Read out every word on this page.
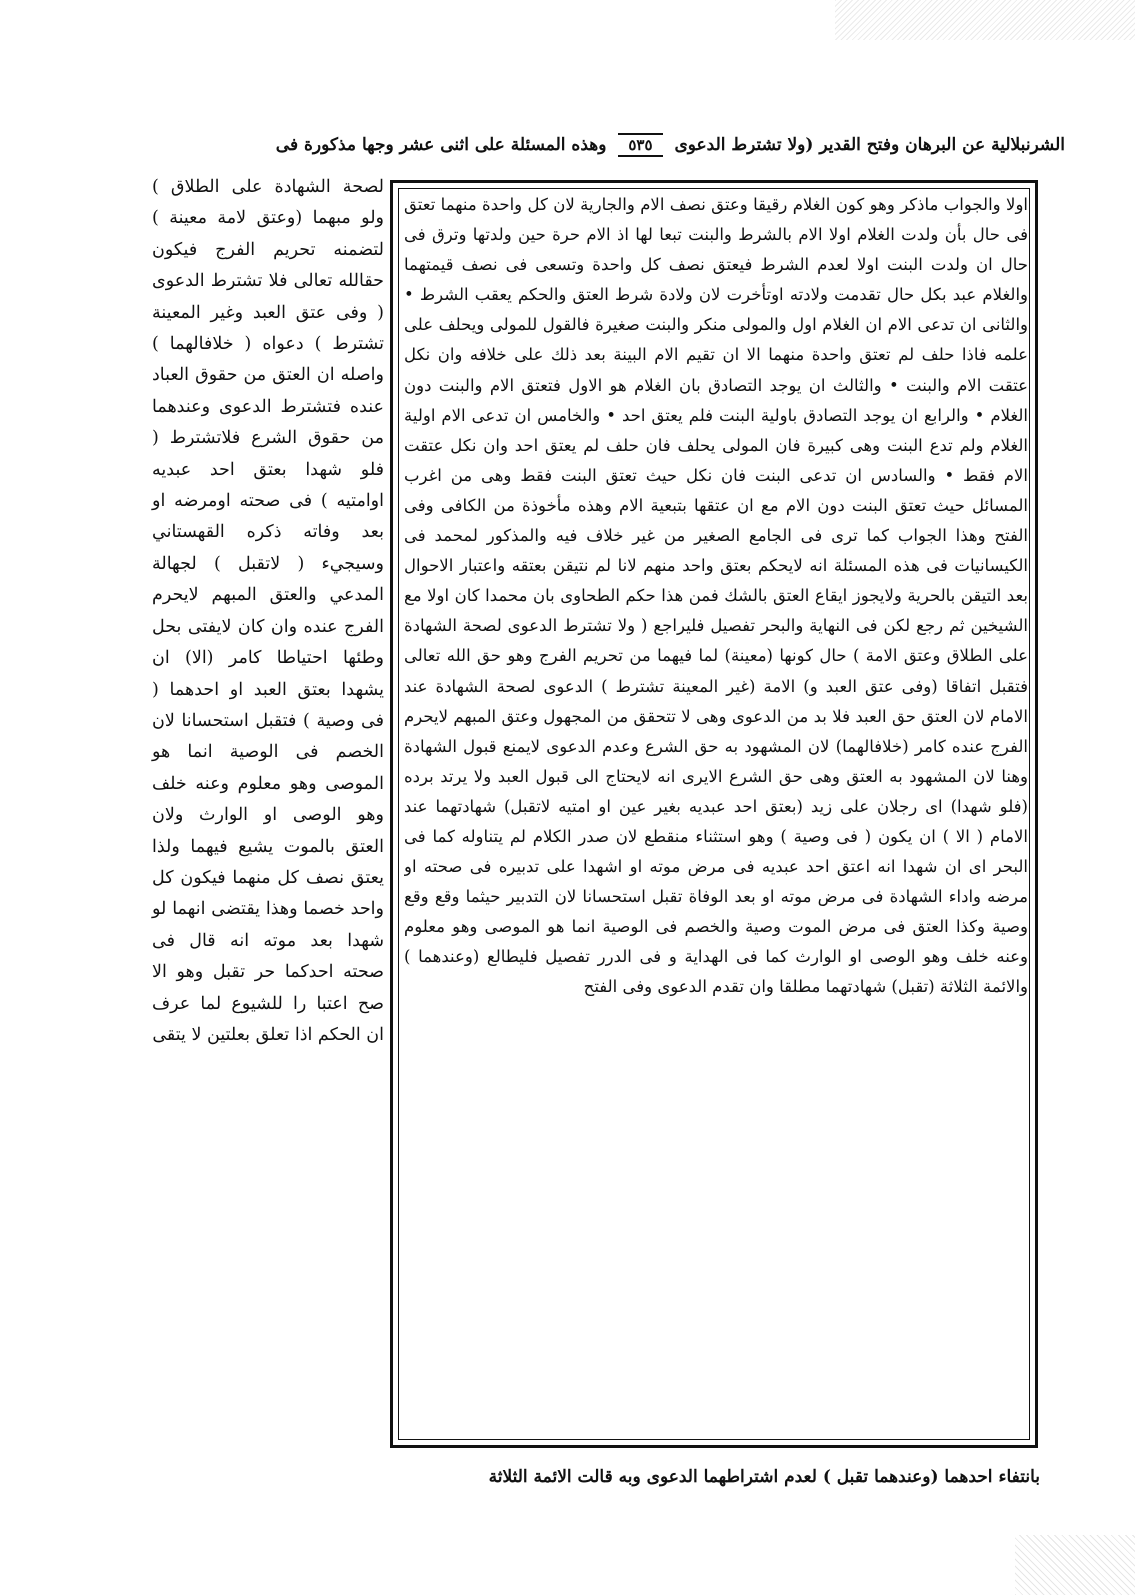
الشرنبلالية عن البرهان وفتح القدير (ولا تشترط الدعوى ٥٣٥ وهذه المسئلة على اثنى عشر وجها مذكورة فى

لصحة الشهادة على الطلاق ) ولو مبهما (وعتق لامة معينة ) لتضمنه تحريم الفرج فيكون حقالله تعالى فلا تشترط الدعوى ( وفى عتق العبد وغير المعينة تشترط ) دعواه ( خلافالهما ) واصله ان العتق من حقوق العباد عنده فتشترط الدعوى وعندهما من حقوق الشرع فلاتشترط ( فلو شهدا بعتق احد عبديه اوامتيه ) فى صحته اومرضه او بعد وفاته ذكره القهستاني وسيجيء ( لاتقبل ) لجهالة المدعي والعتق المبهم لايحرم الفرج عنده وان كان لايفتى بحل وطئها احتياطا كامر (الا) ان يشهدا بعتق العبد او احدهما ( فى وصية ) فتقبل استحسانا لان الخصم فى الوصية انما هو الموصى وهو معلوم وعنه خلف وهو الوصى او الوارث ولان العتق بالموت يشيع فيهما ولذا يعتق نصف كل منهما فيكون كل واحد خصما وهذا يقتضى انهما لو شهدا بعد موته انه قال فى صحته احدكما حر تقبل وهو الا صح اعتبا را للشيوع لما عرف ان الحكم اذا تعلق بعلتين لا يتقى

اولا والجواب ماذكر وهو كون الغلام رقيقا وعتق نصف الام والجارية لان كل واحدة منهما تعتق فى حال بأن ولدت الغلام اولا الام بالشرط والبنت تبعا لها اذ الام حرة حين ولدتها وترق فى حال ان ولدت البنت اولا لعدم الشرط فيعتق نصف كل واحدة وتسعى فى نصف قيمتهما والغلام عبد بكل حال تقدمت ولادته اوتأخرت لان ولادة شرط العتق والحكم يعقب الشرط • والثانى ان تدعى الام ان الغلام اول والمولى منكر والبنت صغيرة فالقول للمولى ويحلف على علمه فاذا حلف لم تعتق واحدة منهما الا ان تقيم الام البينة بعد ذلك على خلافه وان نكل عتقت الام والبنت • والثالث ان يوجد التصادق بان الغلام هو الاول فتعتق الام والبنت دون الغلام • والرابع ان يوجد التصادق باولية البنت فلم يعتق احد • والخامس ان تدعى الام اولية الغلام ولم تدع البنت وهى كبيرة فان المولى يحلف فان حلف لم يعتق احد وان نكل عتقت الام فقط • والسادس ان تدعى البنت فان نكل حيث تعتق البنت فقط وهى من اغرب المسائل حيث تعتق البنت دون الام مع ان عتقها بتبعية الام وهذه مأخوذة من الكافى وفى الفتح وهذا الجواب كما ترى فى الجامع الصغير من غير خلاف فيه والمذكور لمحمد فى الكيسانيات فى هذه المسئلة انه لايحكم بعتق واحد منهم لانا لم نتيقن بعتقه واعتبار الاحوال بعد التيقن بالحرية ولايجوز ايقاع العتق بالشك فمن هذا حكم الطحاوى بان محمدا كان اولا مع الشيخين ثم رجع لكن فى النهاية والبحر تفصيل فليراجع ( ولا تشترط الدعوى لصحة الشهادة على الطلاق وعتق الامة ) حال كونها (معينة) لما فيهما من تحريم الفرج وهو حق الله تعالى فتقبل اتفاقا (وفى عتق العبد و) الامة (غير المعينة تشترط ) الدعوى لصحة الشهادة عند الامام لان العتق حق العبد فلا بد من الدعوى وهى لا تتحقق من المجهول وعتق المبهم لايحرم الفرج عنده كامر (خلافالهما) لان المشهود به حق الشرع وعدم الدعوى لايمنع قبول الشهادة وهنا لان المشهود به العتق وهى حق الشرع الايرى انه لايحتاج الى قبول العبد ولا يرتد برده (فلو شهدا) اى رجلان على زيد (بعتق احد عبديه بغير عين او امتيه لاتقبل) شهادتهما عند الامام ( الا ) ان يكون ( فى وصية ) وهو استثناء منقطع لان صدر الكلام لم يتناوله كما فى البحر اى ان شهدا انه اعتق احد عبديه فى مرض موته او اشهدا على تدبيره فى صحته او مرضه واداء الشهادة فى مرض موته او بعد الوفاة تقبل استحسانا لان التدبير حيثما وقع وقع وصية وكذا العتق فى مرض الموت وصية والخصم فى الوصية انما هو الموصى وهو معلوم وعنه خلف وهو الوصى او الوارث كما فى الهداية و فى الدرر تفصيل فليطالع (وعندهما ) والائمة الثلاثة (تقبل) شهادتهما مطلقا وان تقدم الدعوى وفى الفتح

بانتفاء احدهما (وعندهما تقبل ) لعدم اشتراطهما الدعوى وبه قالت الائمة الثلاثة
